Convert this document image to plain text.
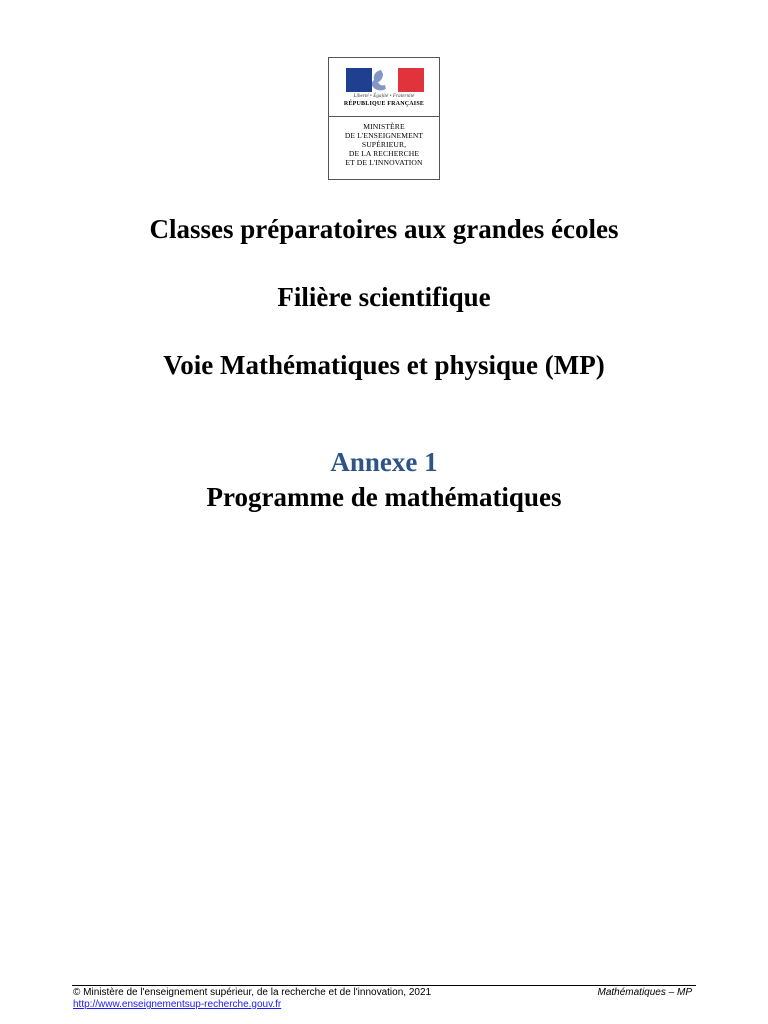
Liberté • Égalité • Fraternité
RÉPUBLIQUE FRANÇAISE
MINISTÈRE
DE L'ENSEIGNEMENT
SUPÉRIEUR,
DE LA RECHERCHE
ET DE L'INNOVATION
Classes préparatoires aux grandes écoles
Filière scientifique
Voie Mathématiques et physique (MP)
Annexe 1
Programme de mathématiques
© Ministère de l'enseignement supérieur, de la recherche et de l'innovation, 2021
http://www.enseignementsup-recherche.gouv.fr
Mathématiques – MP
